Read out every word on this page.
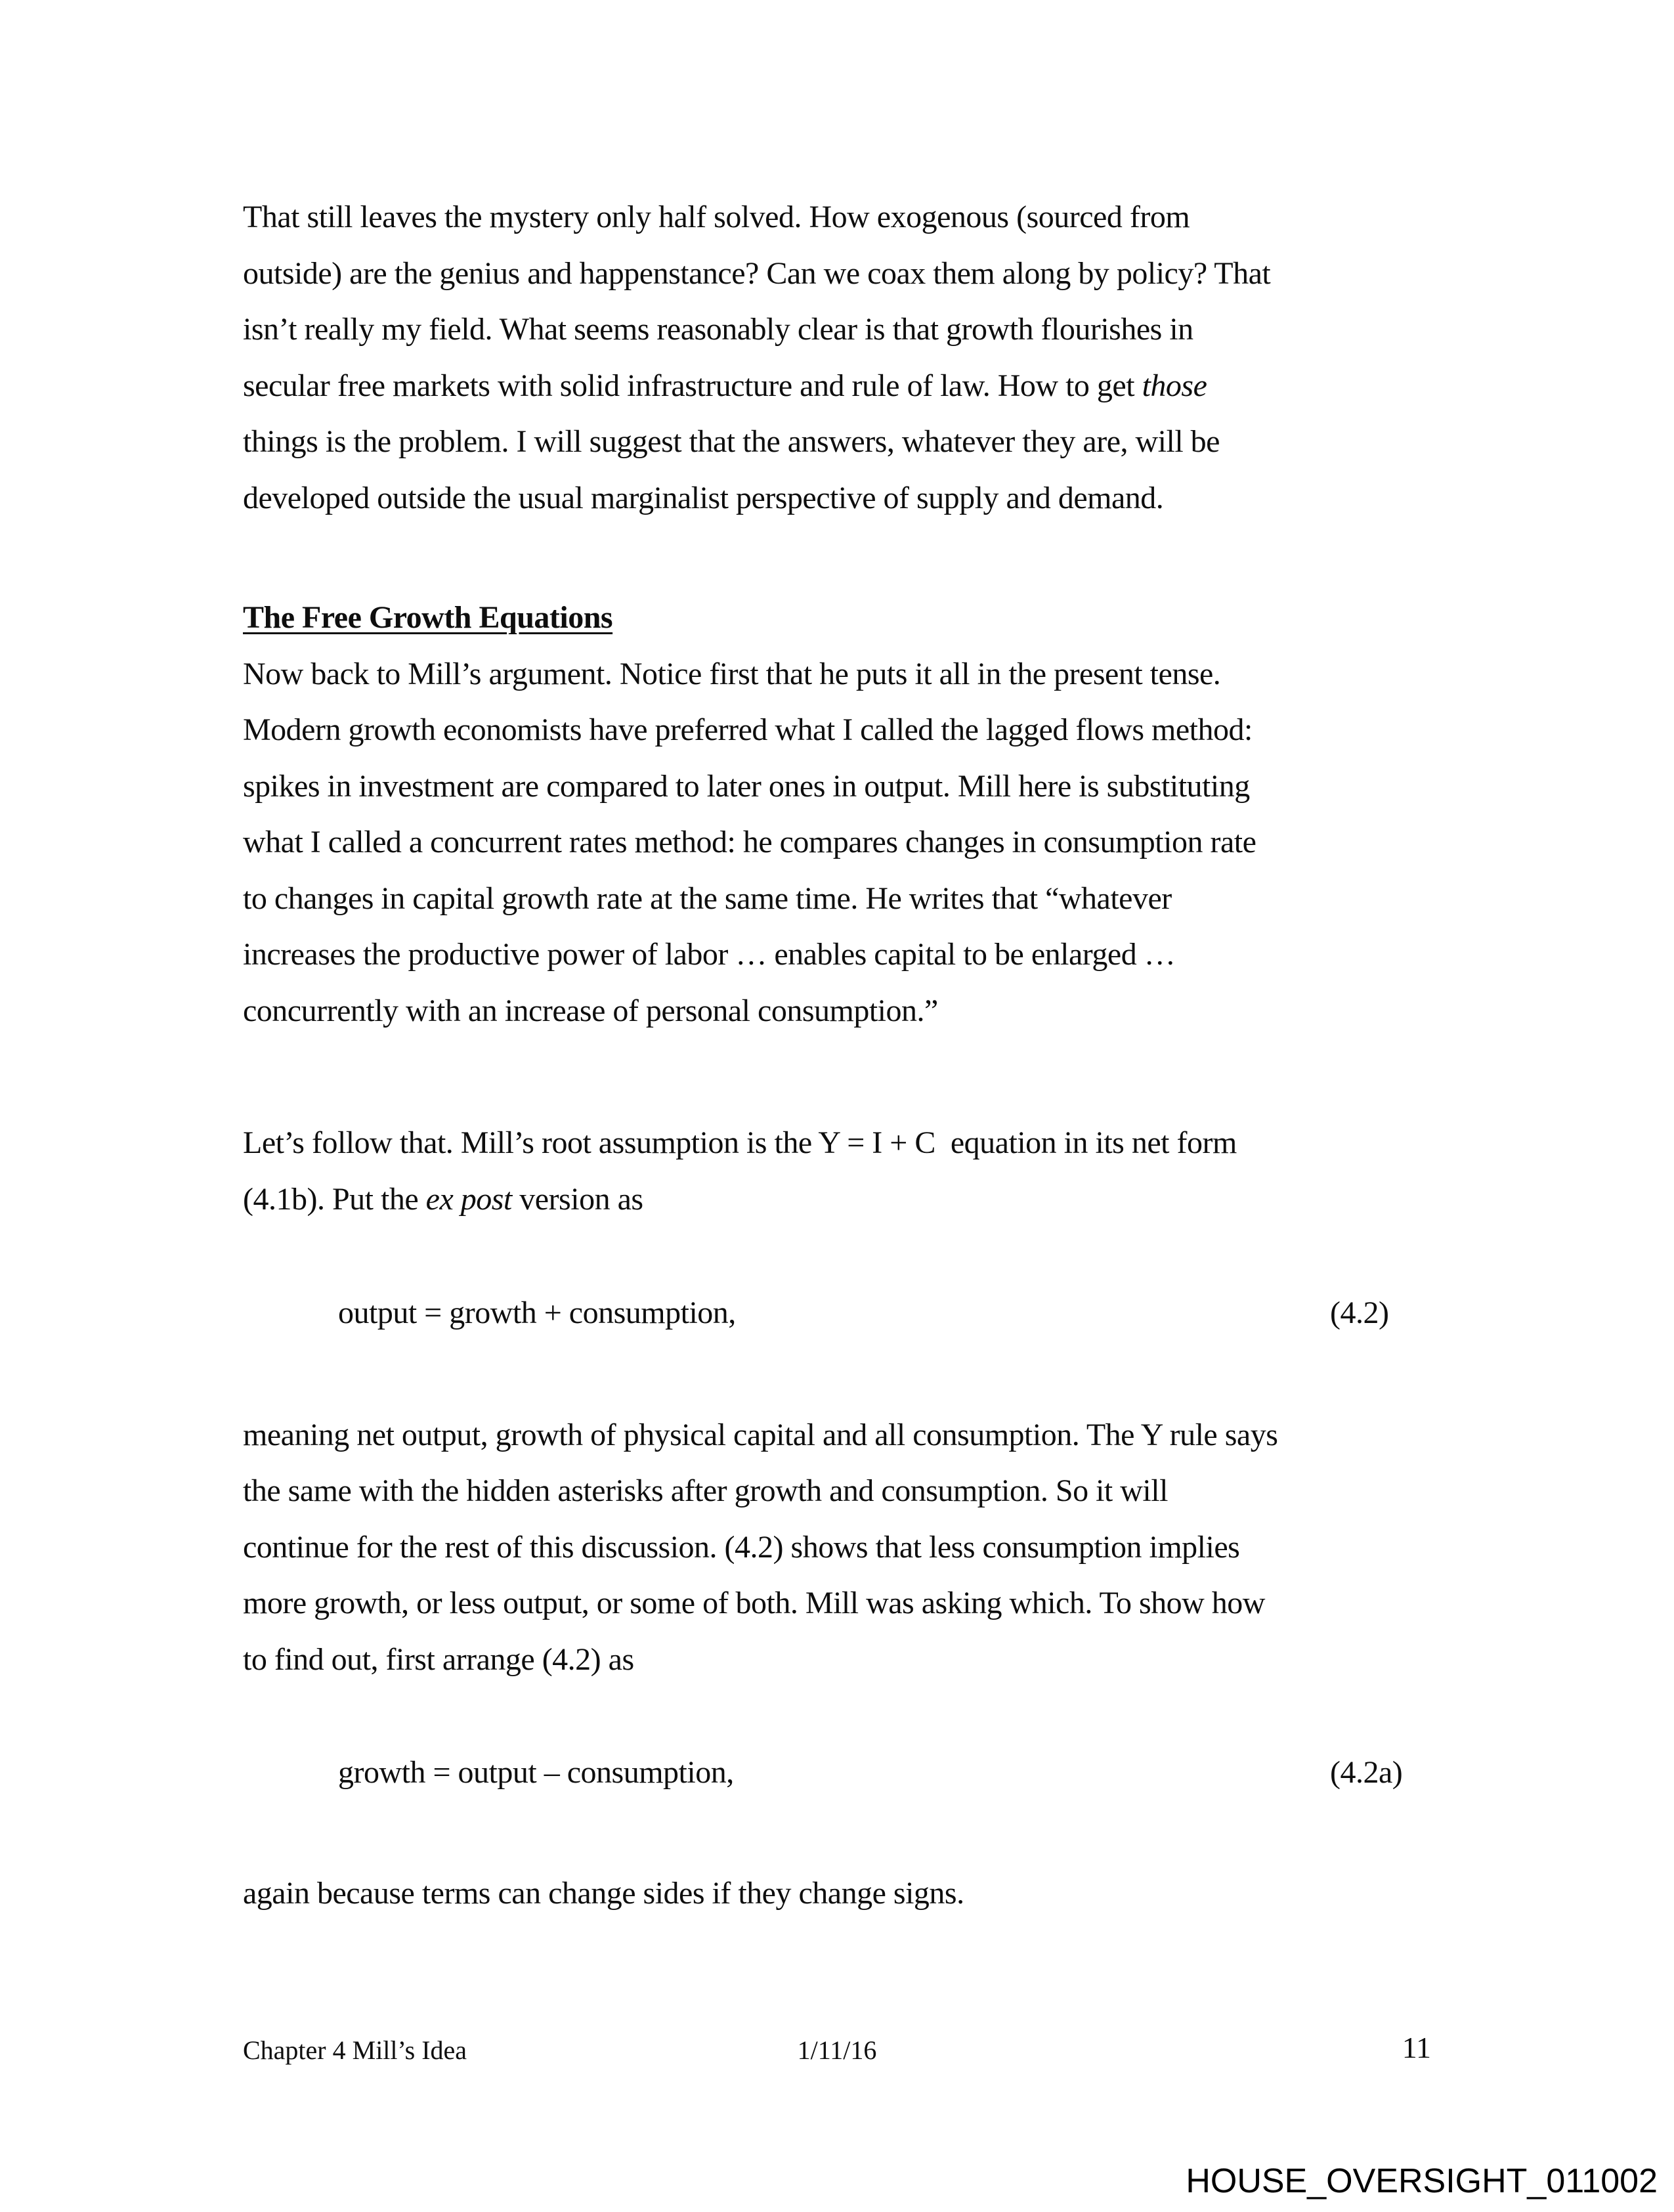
That still leaves the mystery only half solved. How exogenous (sourced from
outside) are the genius and happenstance? Can we coax them along by policy? That
isn’t really my field. What seems reasonably clear is that growth flourishes in
secular free markets with solid infrastructure and rule of law. How to get those
things is the problem. I will suggest that the answers, whatever they are, will be
developed outside the usual marginalist perspective of supply and demand.
The Free Growth Equations
Now back to Mill’s argument. Notice first that he puts it all in the present tense.
Modern growth economists have preferred what I called the lagged flows method:
spikes in investment are compared to later ones in output. Mill here is substituting
what I called a concurrent rates method: he compares changes in consumption rate
to changes in capital growth rate at the same time. He writes that “whatever
increases the productive power of labor … enables capital to be enlarged …
concurrently with an increase of personal consumption.”
Let’s follow that. Mill’s root assumption is the Y = I + C  equation in its net form
(4.1b). Put the ex post version as
output = growth + consumption,	(4.2)
meaning net output, growth of physical capital and all consumption. The Y rule says
the same with the hidden asterisks after growth and consumption. So it will
continue for the rest of this discussion. (4.2) shows that less consumption implies
more growth, or less output, or some of both. Mill was asking which. To show how
to find out, first arrange (4.2) as
growth = output – consumption,	(4.2a)
again because terms can change sides if they change signs.
Chapter 4 Mill’s Idea	1/11/16	11
HOUSE_OVERSIGHT_011002
